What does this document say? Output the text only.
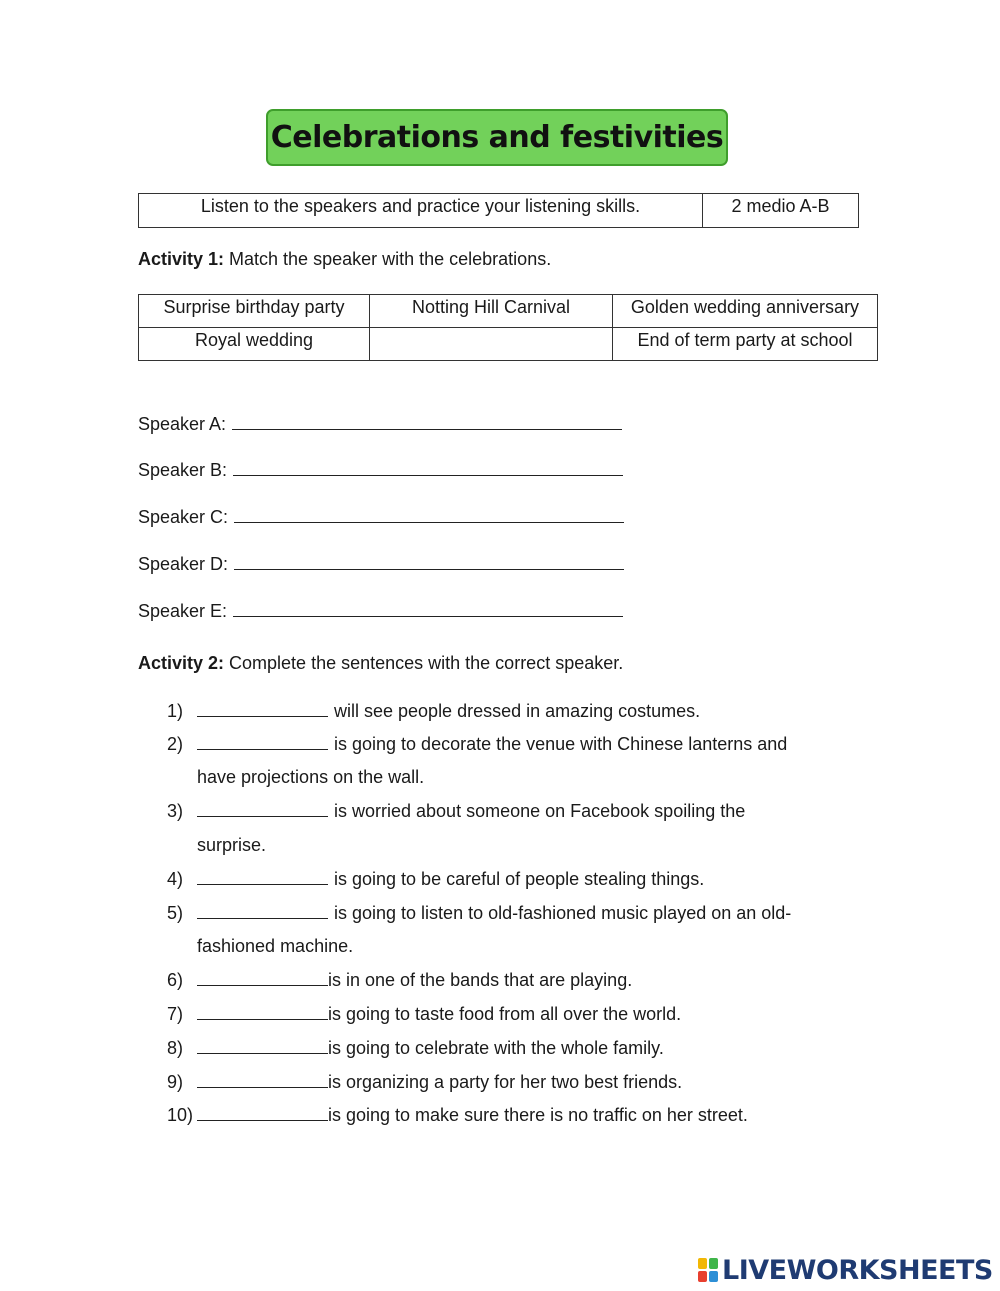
Celebrations and festivities
Listen to the speakers and practice your listening skills.	2 medio A-B
Activity 1: Match the speaker with the celebrations.
Surprise birthday party	Notting Hill Carnival	Golden wedding anniversary
Royal wedding		End of term party at school
Speaker A:
Speaker B:
Speaker C:
Speaker D:
Speaker E:
Activity 2: Complete the sentences with the correct speaker.
1)	will see people dressed in amazing costumes.
2)	is going to decorate the venue with Chinese lanterns and
have projections on the wall.
3)	is worried about someone on Facebook spoiling the
surprise.
4)	is going to be careful of people stealing things.
5)	is going to listen to old-fashioned music played on an old-
fashioned machine.
6)	is in one of the bands that are playing.
7)	is going to taste food from all over the world.
8)	is going to celebrate with the whole family.
9)	is organizing a party for her two best friends.
10)	is going to make sure there is no traffic on her street.
LIVEWORKSHEETS
